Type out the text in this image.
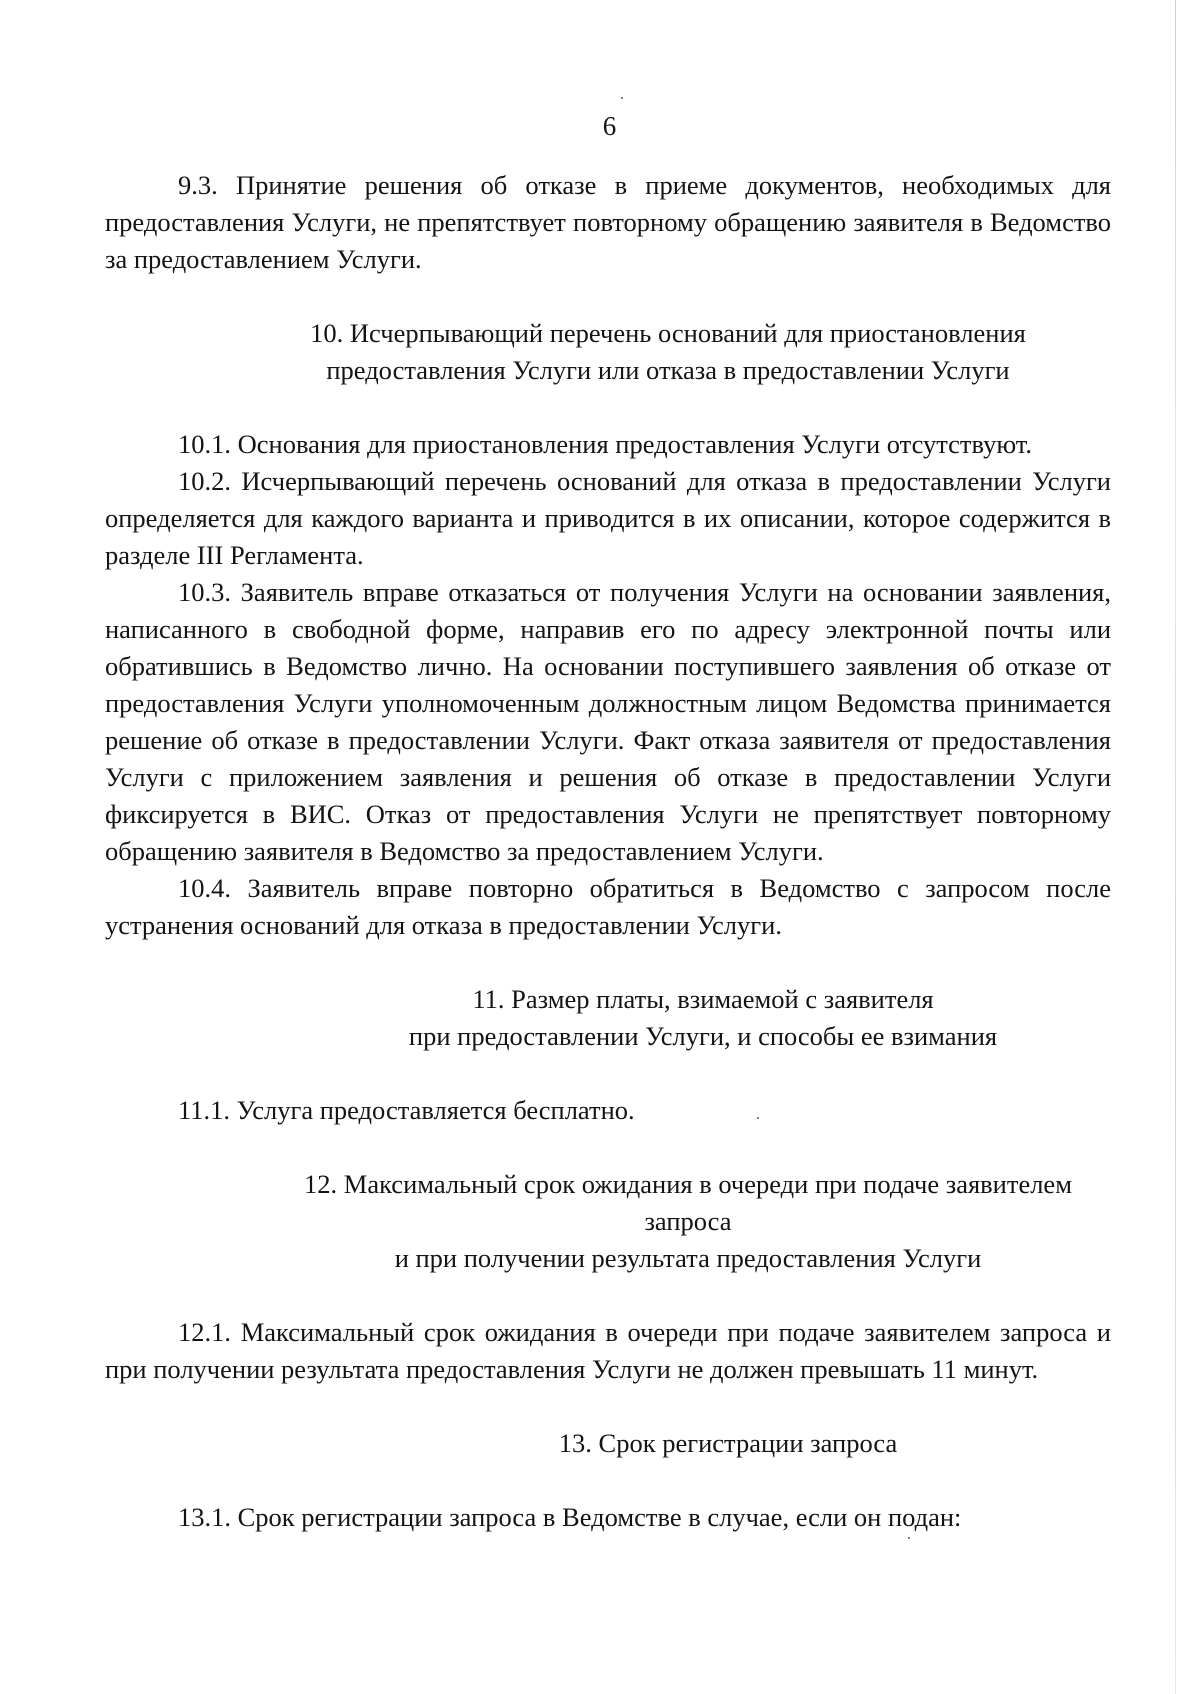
6

9.3. Принятие решения об отказе в приеме документов, необходимых для предоставления Услуги, не препятствует повторному обращению заявителя в Ведомство за предоставлением Услуги.

10. Исчерпывающий перечень оснований для приостановления
предоставления Услуги или отказа в предоставлении Услуги

10.1. Основания для приостановления предоставления Услуги отсутствуют.

10.2. Исчерпывающий перечень оснований для отказа в предоставлении Услуги определяется для каждого варианта и приводится в их описании, которое содержится в разделе III Регламента.

10.3. Заявитель вправе отказаться от получения Услуги на основании заявления, написанного в свободной форме, направив его по адресу электронной почты или обратившись в Ведомство лично. На основании поступившего заявления об отказе от предоставления Услуги уполномоченным должностным лицом Ведомства принимается решение об отказе в предоставлении Услуги. Факт отказа заявителя от предоставления Услуги с приложением заявления и решения об отказе в предоставлении Услуги фиксируется в ВИС. Отказ от предоставления Услуги не препятствует повторному обращению заявителя в Ведомство за предоставлением Услуги.

10.4. Заявитель вправе повторно обратиться в Ведомство с запросом после устранения оснований для отказа в предоставлении Услуги.

11. Размер платы, взимаемой с заявителя
при предоставлении Услуги, и способы ее взимания

11.1. Услуга предоставляется бесплатно.

12. Максимальный срок ожидания в очереди при подаче заявителем запроса
и при получении результата предоставления Услуги

12.1. Максимальный срок ожидания в очереди при подаче заявителем запроса и при получении результата предоставления Услуги не должен превышать 11 минут.

13. Срок регистрации запроса

13.1. Срок регистрации запроса в Ведомстве в случае, если он подан:
